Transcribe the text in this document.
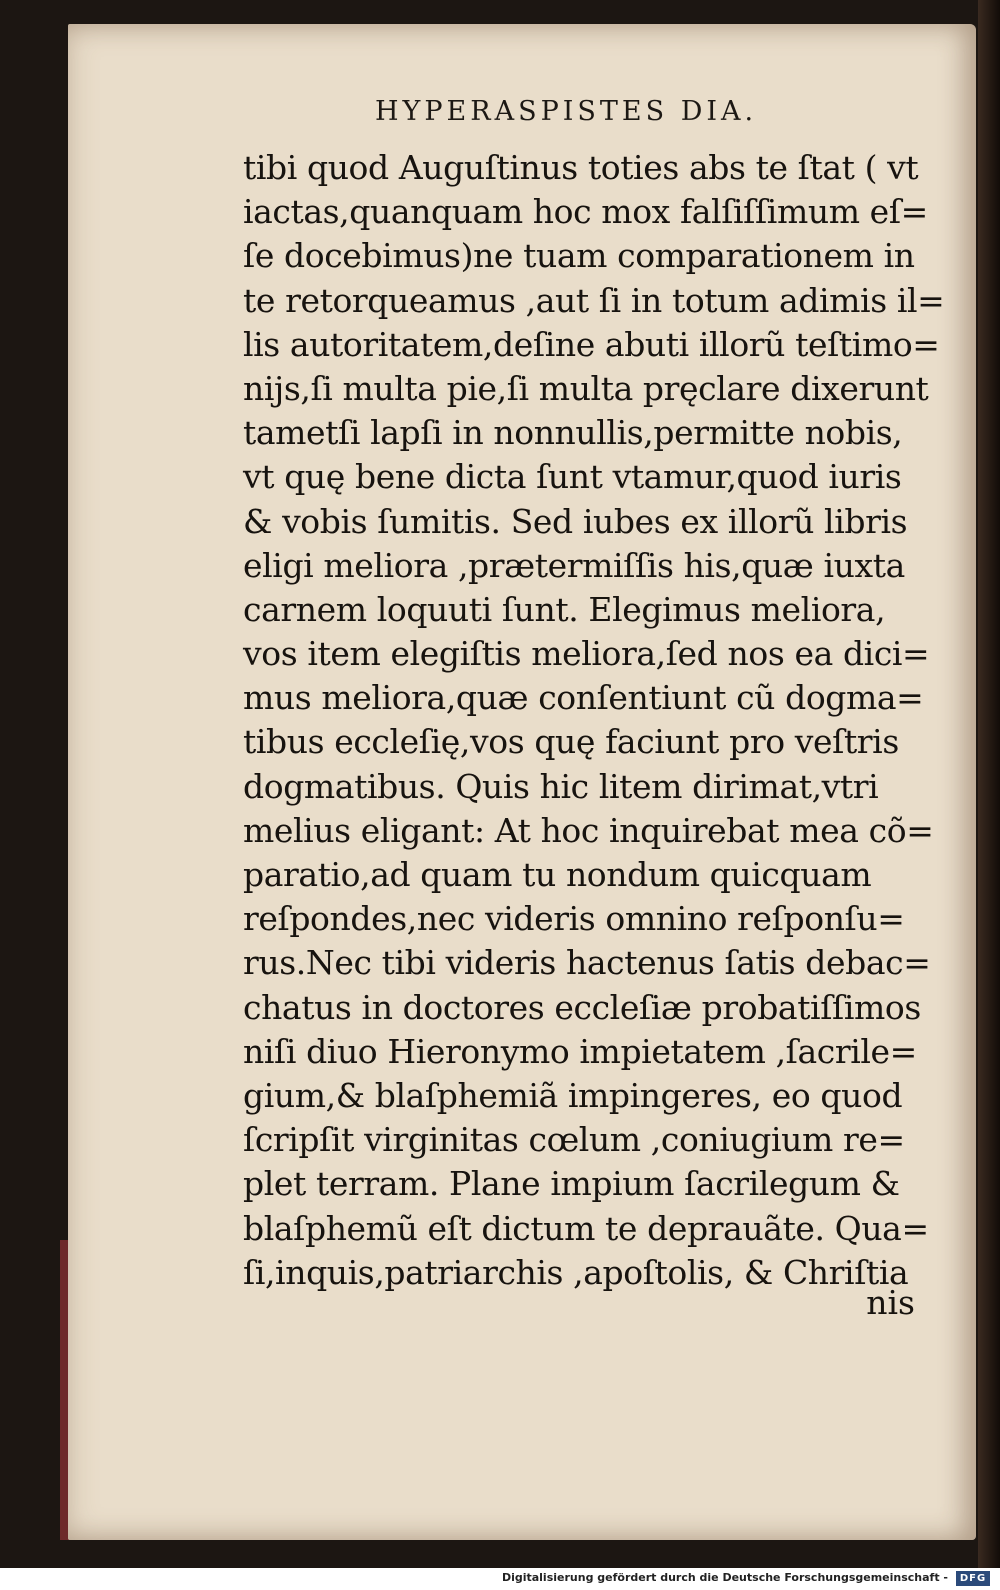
HYPERASPISTES DIA.
tibi quod Auguſtinus toties abs te ſtat ( vt
iactas,quanquam hoc mox falſiſſimum eſ=
ſe docebimus)ne tuam comparationem in
te retorqueamus ,aut ſi in totum adimis il=
lis autoritatem,deſine abuti illorũ teſtimo=
nijs,ſi multa pie,ſi multa pręclare dixerunt
tametſi lapſi in nonnullis,permitte nobis,
vt quę bene dicta ſunt vtamur,quod iuris
& vobis ſumitis. Sed iubes ex illorũ libris
eligi meliora ,prætermiſſis his,quæ iuxta
carnem loquuti ſunt. Elegimus meliora,
vos item elegiſtis meliora,ſed nos ea dici=
mus meliora,quæ conſentiunt cũ dogma=
tibus eccleſię,vos quę faciunt pro veſtris
dogmatibus. Quis hic litem dirimat,vtri
melius eligant: At hoc inquirebat mea cõ=
paratio,ad quam tu nondum quicquam
reſpondes,nec videris omnino reſponſu=
rus.Nec tibi videris hactenus ſatis debac=
chatus in doctores eccleſiæ probatiſſimos
niſi diuo Hieronymo impietatem ,ſacrile=
gium,& blaſphemiã impingeres, eo quod
ſcripſit virginitas cœlum ,coniugium re=
plet terram. Plane impium ſacrilegum &
blaſphemũ eſt dictum te deprauãte. Qua=
ſi,inquis,patriarchis ,apoſtolis, & Chriſtia
nis
Digitalisierung gefördert durch die Deutsche Forschungsgemeinschaft -	DFG
